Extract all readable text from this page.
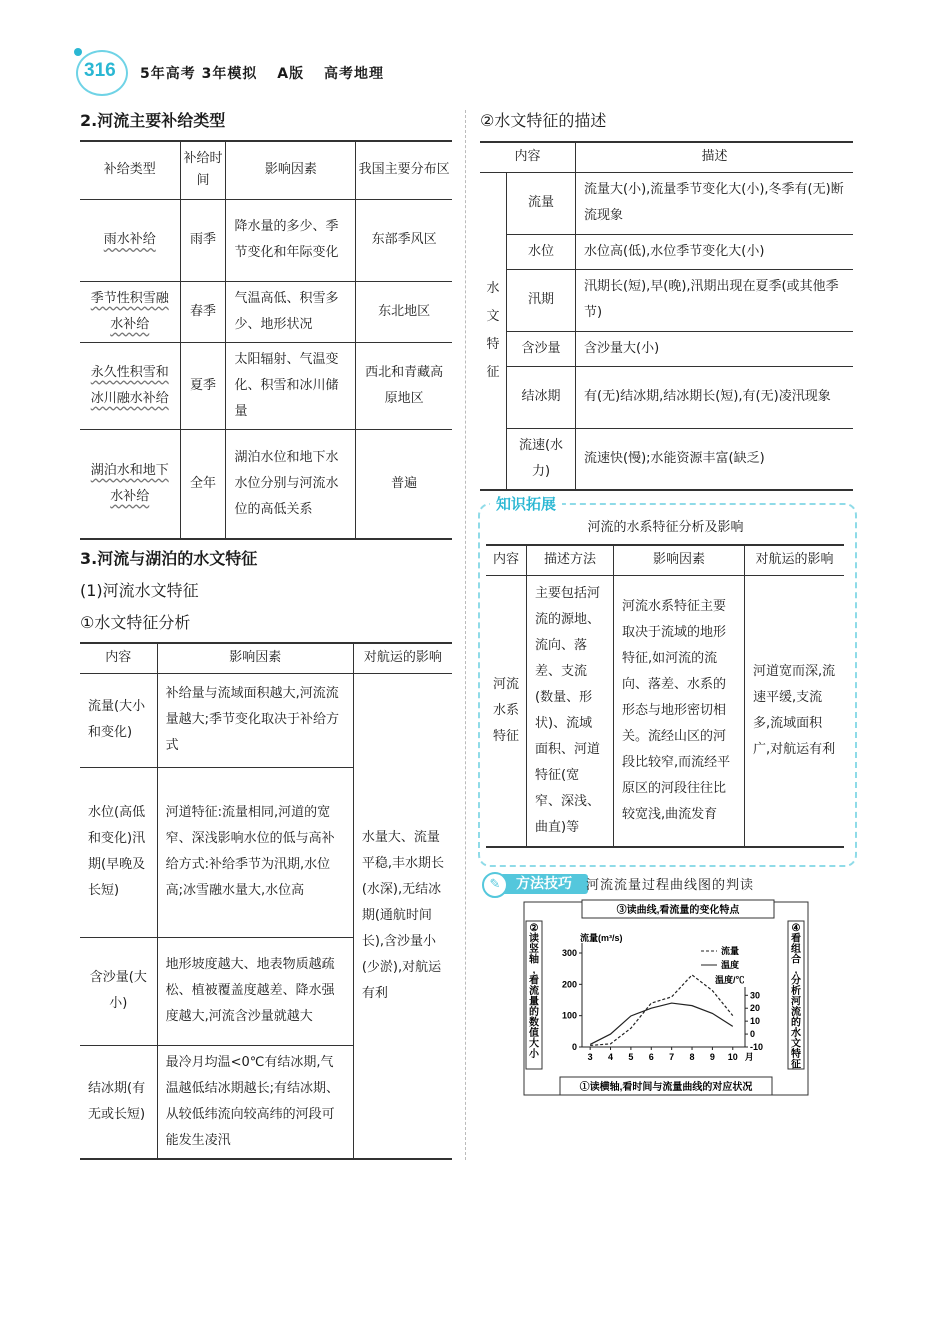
316 5年高考 3年模拟 A版 高考地理
2.河流主要补给类型
补给类型	补给时间	影响因素	我国主要分布区
雨水补给	雨季	降水量的多少、季节变化和年际变化	东部季风区
季节性积雪融水补给	春季	气温高低、积雪多少、地形状况	东北地区
永久性积雪和冰川融水补给	夏季	太阳辐射、气温变化、积雪和冰川储量	西北和青藏高原地区
湖泊水和地下水补给	全年	湖泊水位和地下水水位分别与河流水位的高低关系	普遍
3.河流与湖泊的水文特征
(1)河流水文特征
①水文特征分析
内容	影响因素	对航运的影响
流量(大小和变化)	补给量与流域面积越大,河流流量越大;季节变化取决于补给方式	水量大、流量平稳,丰水期长(水深),无结冰期(通航时间长),含沙量小(少淤),对航运有利
水位(高低和变化)汛期(早晚及长短)	河道特征:流量相同,河道的宽窄、深浅影响水位的低与高补给方式:补给季节为汛期,水位高;冰雪融水量大,水位高	
含沙量(大小)	地形坡度越大、地表物质越疏松、植被覆盖度越差、降水强度越大,河流含沙量就越大	
结冰期(有无或长短)	最冷月均温<0℃有结冰期,气温越低结冰期越长;有结冰期、从较低纬流向较高纬的河段可能发生凌汛	
②水文特征的描述
内容		描述
水文特征	流量	流量大(小),流量季节变化大(小),冬季有(无)断流现象
	水位	水位高(低),水位季节变化大(小)
	汛期	汛期长(短),早(晚),汛期出现在夏季(或其他季节)
	含沙量	含沙量大(小)
	结冰期	有(无)结冰期,结冰期长(短),有(无)凌汛现象
	流速(水力)	流速快(慢);水能资源丰富(缺乏)
知识拓展
河流的水系特征分析及影响
内容	描述方法	影响因素	对航运的影响
河流水系特征	主要包括河流的源地、流向、落差、支流(数量、形状)、流域面积、河道特征(宽窄、深浅、曲直)等	河流水系特征主要取决于流域的地形特征,如河流的流向、落差、水系的形态与地形密切相关。流经山区的河段比较窄,而流经平原区的河段往往比较宽浅,曲流发育	河道宽而深,流速平缓,支流多,流域面积广,对航运有利
方法技巧
✎	河流流量过程曲线图的判读
③读曲线,看流量的变化特点
①读横轴,看时间与流量曲线的对应状况
② 读竖轴,看流量的数值大小
④ 看组合,分析河流的水文特征
流量(m³/s)
0
100
200
300
温度/℃
-10
0
10
20
30
3 4 5 6 7 8 9 10 月
流量
温度
